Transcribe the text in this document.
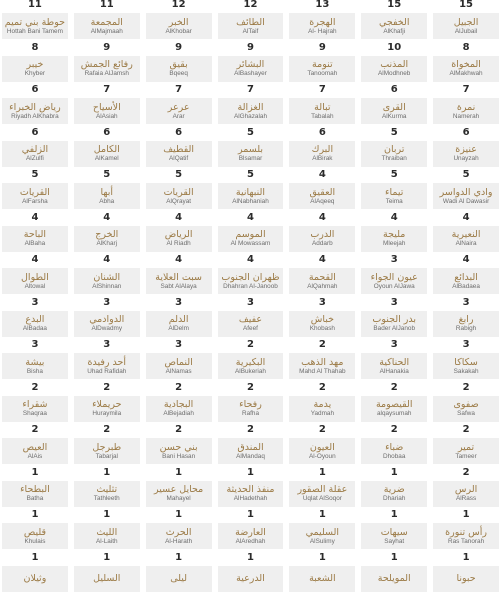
11
حوطة بني تميم
Hottah Bani Tamem
8
خيبر
Khyber
6
رياض الخبراء
Riyadh AlKhabra
6
الزلفي
AlZulfi
5
القريات
AlFarsha
4
الباحة
AlBaha
4
الطوال
Altowal
3
البدع
AlBadaa
3
بيشة
Bisha
2
شقراء
Shaqraa
2
العيص
AlAis
1
البطحاء
Batha
1
قليص
Khulais
1
وثيلان
11
المجمعة
AlMajmaah
9
رفائع الجمش
Rafaia AlJamsh
7
الأسياح
AlAsiah
6
الكامل
AlKamel
5
أبها
Abha
4
الخرج
AlKharj
4
الشنان
AlShinnan
3
الدوادمي
AlDwadmy
3
أحد رفيدة
Uhad Rafidah
2
حريملاء
Huraymila
2
طبرجل
Tabarjal
1
تثليث
Tathleeth
1
الليث
Al-Laith
1
السليل
12
الخبر
AlKhobar
9
بقيق
Bqeeq
7
عرعر
Arar
6
القطيف
AlQatif
5
القريات
AlQrayat
4
الرياض
Al Riadh
4
سبت العلاية
Sabt AlAlaya
3
الدلم
AlDelm
3
النماص
AlNamas
2
البجادية
AlBejadiah
2
بني حسن
Bani Hasan
1
محايل عسير
Mahayel
1
الحرث
Al-Harath
1
ليلى
12
الطائف
AlTaif
9
البشائر
AlBashayer
7
الغزالة
AlGhazalah
5
بلسمر
Blsamar
5
النبهانية
AlNabhaniah
4
الموسم
Al Mowassam
4
ظهران الجنوب
Dhahran Al-Janoob
3
عفيف
Afeef
2
البكيرية
AlBukeriah
2
رفحاء
Rafha
2
المندق
AlMandaq
1
منفذ الحديثة
AlHadethah
1
العارضة
AlAredhah
1
الدرعية
13
الهجرة
Al- Hajrah
9
تنومة
Tanoomah
7
تبالة
Tabalah
6
البرك
AlBirak
4
العقيق
AlAqeeq
4
الدرب
Addarb
4
القحمة
AlQahmah
3
خباش
Khobash
2
مهد الذهب
Mahd Al Thahab
2
يدمة
Yadmah
2
العيون
Al-Oyoun
1
عقلة الصقور
Uqlat AlSoqor
1
السليمي
AlSulimy
1
الشعبة
15
الخفجي
AlKhafji
10
المذنب
AlModhneb
6
القرى
AlKurma
5
تربان
Thraiban
5
تيماء
Teima
4
مليجة
Mleejah
3
عيون الجواء
Oyoun AlJawa
3
بدر الجنوب
Bader AlJanob
3
الحناكية
AlHanakia
2
القيصومة
alqaysumah
2
ضباء
Dhobaa
1
ضرية
Dhariah
1
سيهات
Sayhat
1
المويلحة
15
الجبيل
AlJubail
8
المخواة
AlMakhwah
7
نمرة
Namerah
6
عنيزة
Unayzah
5
وادي الدواسر
Wadi Al Dawasir
4
النعيرية
AlNaira
4
البدائع
AlBadaea
3
رابغ
Rabigh
3
سكاكا
Sakakah
2
صفوى
Safwa
2
تمير
Tameer
2
الرس
AlRass
1
رأس تنورة
Ras Tanorah
1
حبونا
